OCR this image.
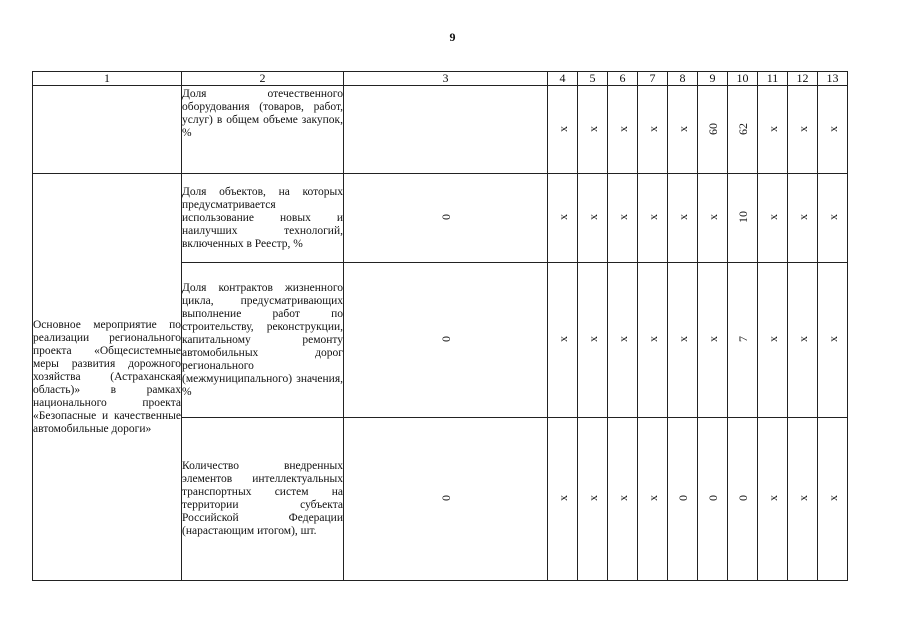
9
1	2	3	4	5	6	7	8	9	10	11	12	13

	Доля отечественного оборудования (товаров, работ, услуг) в общем объеме закупок, %		х	х	х	х	х	60	62	х	х	х

Основное мероприятие по реализации регионального проекта «Общесистемные меры развития дорожного хозяйства (Астраханская область)» в рамках национального проекта «Безопасные и качественные автомобильные дороги»	Доля объектов, на которых предусматривается использование новых и наилучших технологий, включенных в Реестр, %	0	х	х	х	х	х	х	10	х	х	х

	Доля контрактов жизненного цикла, предусматривающих выполнение работ по строительству, реконструкции, капитальному ремонту автомобильных дорог регионального (межмуниципального) значения, %	0	х	х	х	х	х	х	7	х	х	х

	Количество внедренных элементов интеллектуальных транспортных систем на территории субъекта Российской Федерации (нарастающим итогом), шт.	0	х	х	х	х	0	0	0	х	х	х
